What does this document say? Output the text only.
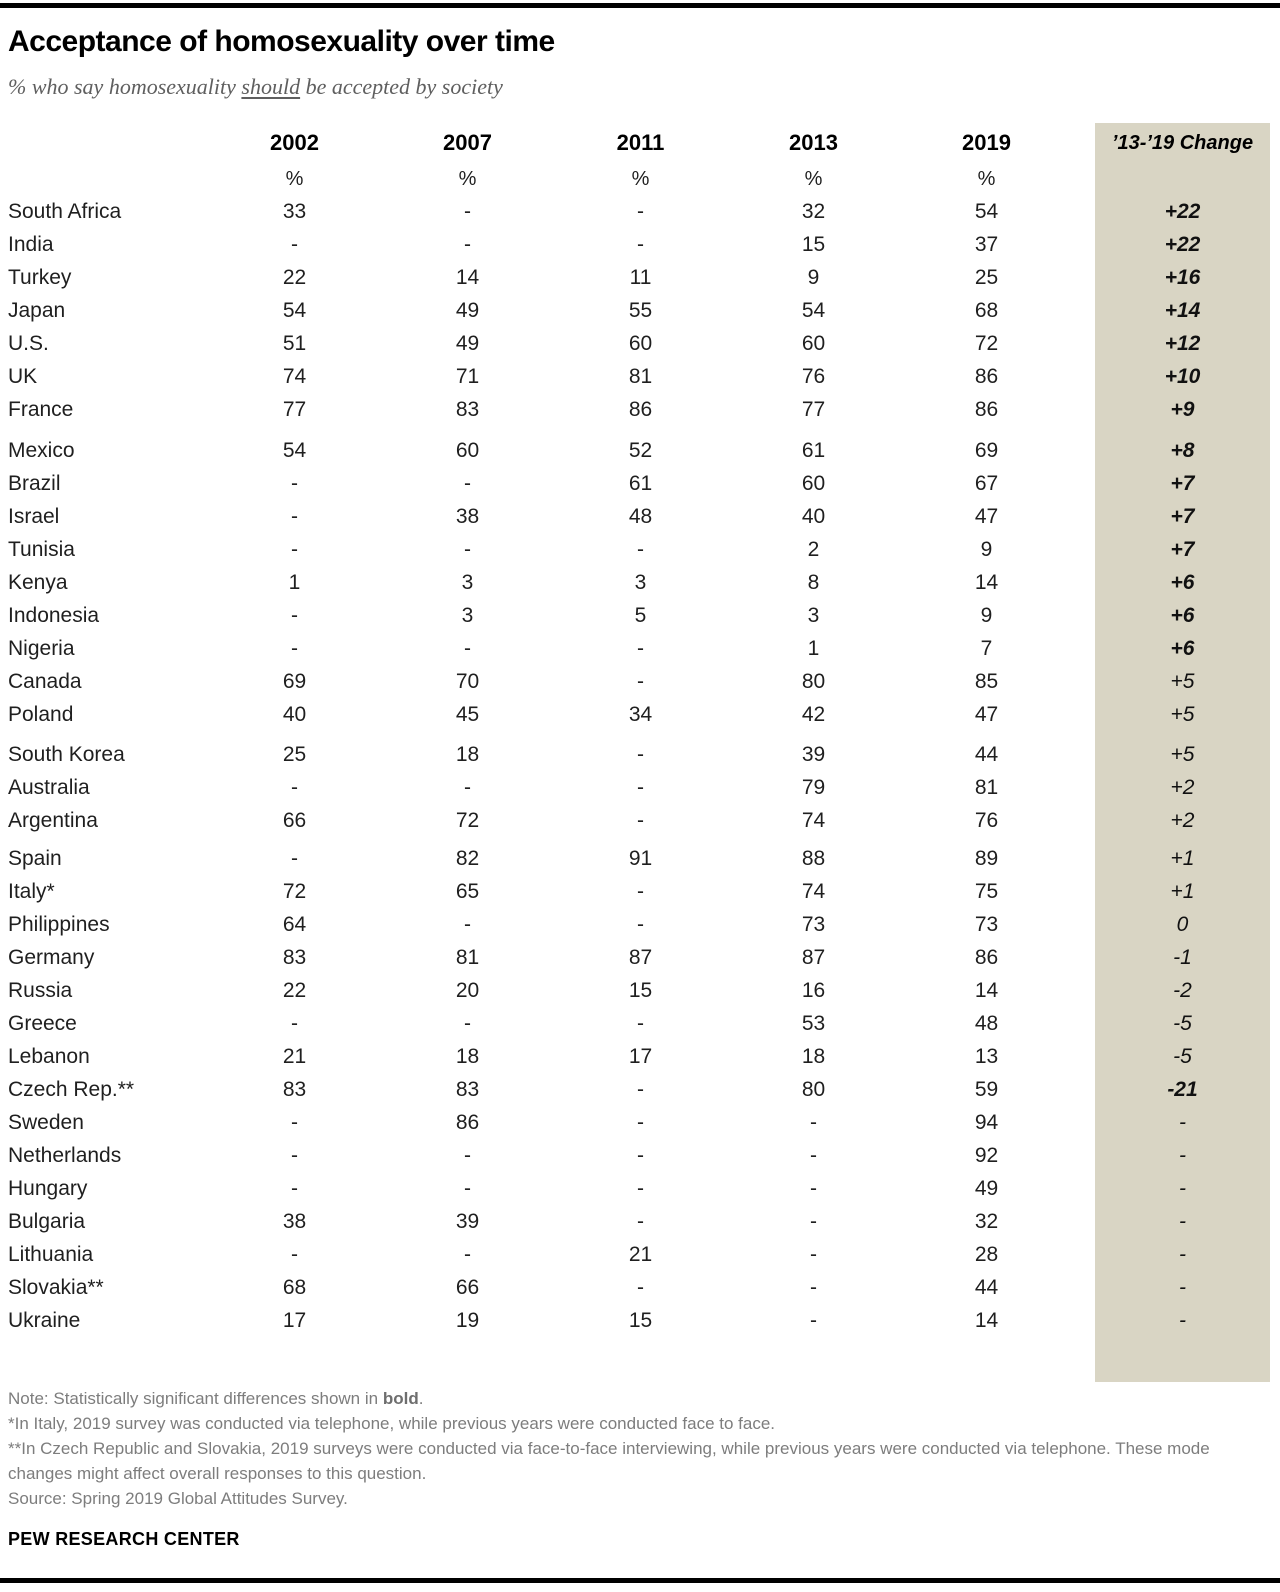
Acceptance of homosexuality over time
% who say homosexuality should be accepted by society
2002	2007	2011	2013	2019	’13-’19 Change
%	%	%	%	%
South Africa	33	-	-	32	54	+22
India	-	-	-	15	37	+22
Turkey	22	14	11	9	25	+16
Japan	54	49	55	54	68	+14
U.S.	51	49	60	60	72	+12
UK	74	71	81	76	86	+10
France	77	83	86	77	86	+9
Mexico	54	60	52	61	69	+8
Brazil	-	-	61	60	67	+7
Israel	-	38	48	40	47	+7
Tunisia	-	-	-	2	9	+7
Kenya	1	3	3	8	14	+6
Indonesia	-	3	5	3	9	+6
Nigeria	-	-	-	1	7	+6
Canada	69	70	-	80	85	+5
Poland	40	45	34	42	47	+5
South Korea	25	18	-	39	44	+5
Australia	-	-	-	79	81	+2
Argentina	66	72	-	74	76	+2
Spain	-	82	91	88	89	+1
Italy*	72	65	-	74	75	+1
Philippines	64	-	-	73	73	0
Germany	83	81	87	87	86	-1
Russia	22	20	15	16	14	-2
Greece	-	-	-	53	48	-5
Lebanon	21	18	17	18	13	-5
Czech Rep.**	83	83	-	80	59	-21
Sweden	-	86	-	-	94	-
Netherlands	-	-	-	-	92	-
Hungary	-	-	-	-	49	-
Bulgaria	38	39	-	-	32	-
Lithuania	-	-	21	-	28	-
Slovakia**	68	66	-	-	44	-
Ukraine	17	19	15	-	14	-
Note: Statistically significant differences shown in bold.
*In Italy, 2019 survey was conducted via telephone, while previous years were conducted face to face.
**In Czech Republic and Slovakia, 2019 surveys were conducted via face-to-face interviewing, while previous years were conducted via telephone. These mode changes might affect overall responses to this question.
Source: Spring 2019 Global Attitudes Survey.
PEW RESEARCH CENTER
